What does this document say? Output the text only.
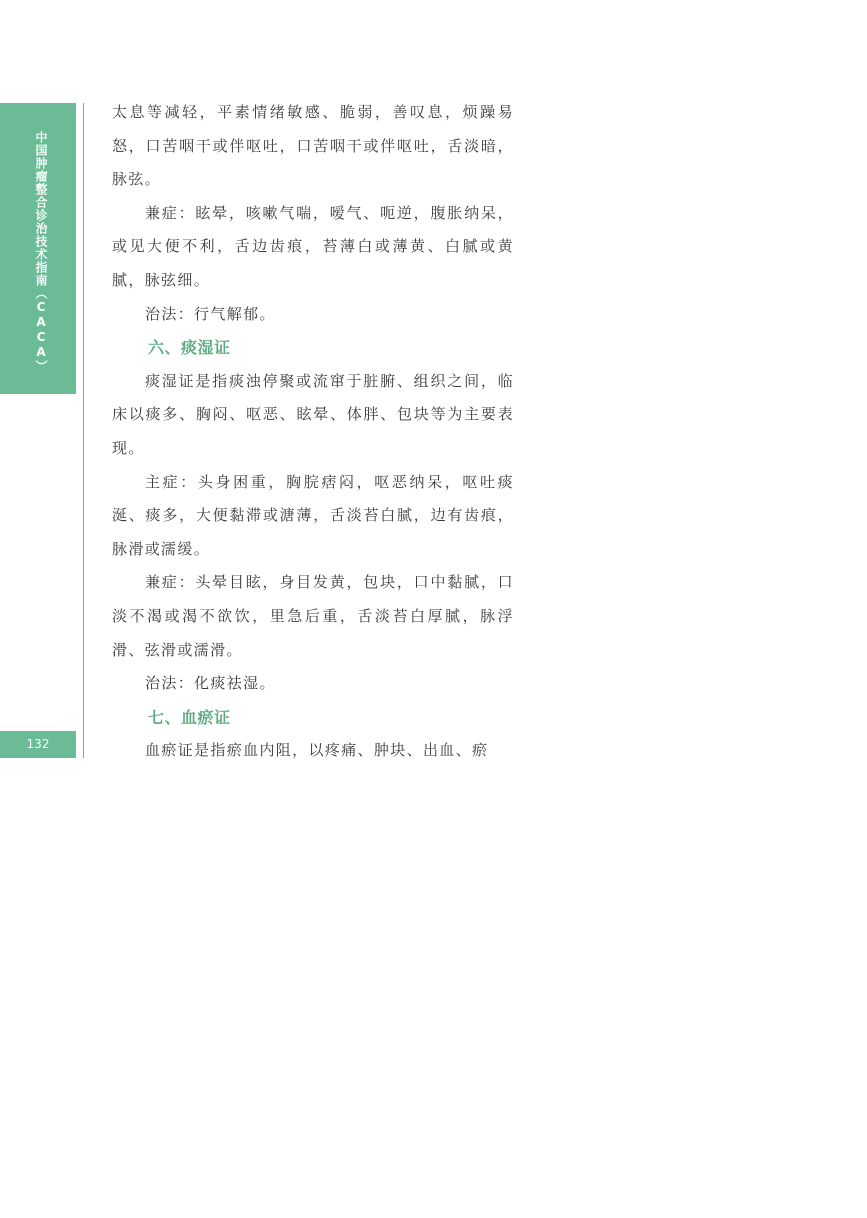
中国肿瘤整合诊治技术指南（CACA）
132

太息等减轻，平素情绪敏感、脆弱，善叹息，烦躁易怒，口苦咽干或伴呕吐，口苦咽干或伴呕吐，舌淡暗，脉弦。

兼症：眩晕，咳嗽气喘，嗳气、呃逆，腹胀纳呆，或见大便不利，舌边齿痕，苔薄白或薄黄、白腻或黄腻，脉弦细。

治法：行气解郁。

六、痰湿证

痰湿证是指痰浊停聚或流窜于脏腑、组织之间，临床以痰多、胸闷、呕恶、眩晕、体胖、包块等为主要表现。

主症：头身困重，胸脘痞闷，呕恶纳呆，呕吐痰涎、痰多，大便黏滞或溏薄，舌淡苔白腻，边有齿痕，脉滑或濡缓。

兼症：头晕目眩，身目发黄，包块，口中黏腻，口淡不渴或渴不欲饮，里急后重，舌淡苔白厚腻，脉浮滑、弦滑或濡滑。

治法：化痰祛湿。

七、血瘀证

血瘀证是指瘀血内阻，以疼痛、肿块、出血、瘀
